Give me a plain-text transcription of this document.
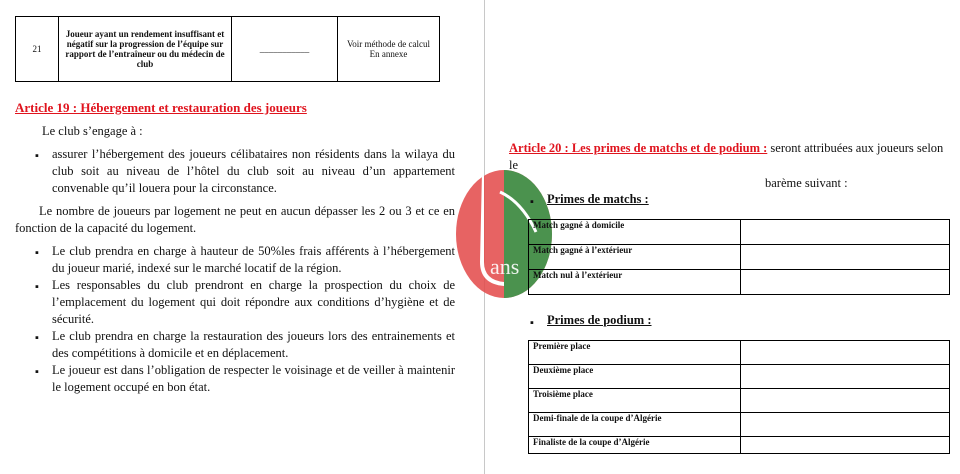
21	Joueur ayant un rendement insuffisant et négatif sur la progression de l’équipe sur rapport de l’entraîneur ou du médecin de club	___________	Voir méthode de calcul En annexe
Article 19 : Hébergement et restauration des joueurs
Le club s’engage à :
▪ assurer l’hébergement des joueurs célibataires non résidents dans la wilaya du club soit au niveau de l’hôtel du club soit au niveau d’un appartement convenable qu’il louera pour la circonstance.
Le nombre de joueurs par logement ne peut en aucun dépasser les 2 ou 3 et ce en fonction de la capacité du logement.
▪ Le club prendra en charge à hauteur de 50%les frais afférents à l’hébergement du joueur marié, indexé sur le marché locatif de la région.
▪ Les responsables du club prendront en charge la prospection du choix de l’emplacement du logement qui doit répondre aux conditions d’hygiène et de sécurité.
▪ Le club prendra en charge la restauration des joueurs lors des entrainements et des compétitions à domicile et en déplacement.
▪ Le joueur est dans l’obligation de respecter le voisinage et de veiller à maintenir le logement occupé en bon état.
ans
Article 20 : Les primes de matchs et de podium : seront attribuées aux joueurs selon le
barème suivant :
▪ Primes de matchs :
Match gagné à domicile	
Match gagné à l’extérieur	
Match nul à l’extérieur	
▪ Primes de podium :
Première place	
Deuxième place	
Troisième place	
Demi-finale de la coupe d’Algérie	
Finaliste de la coupe d’Algérie	
